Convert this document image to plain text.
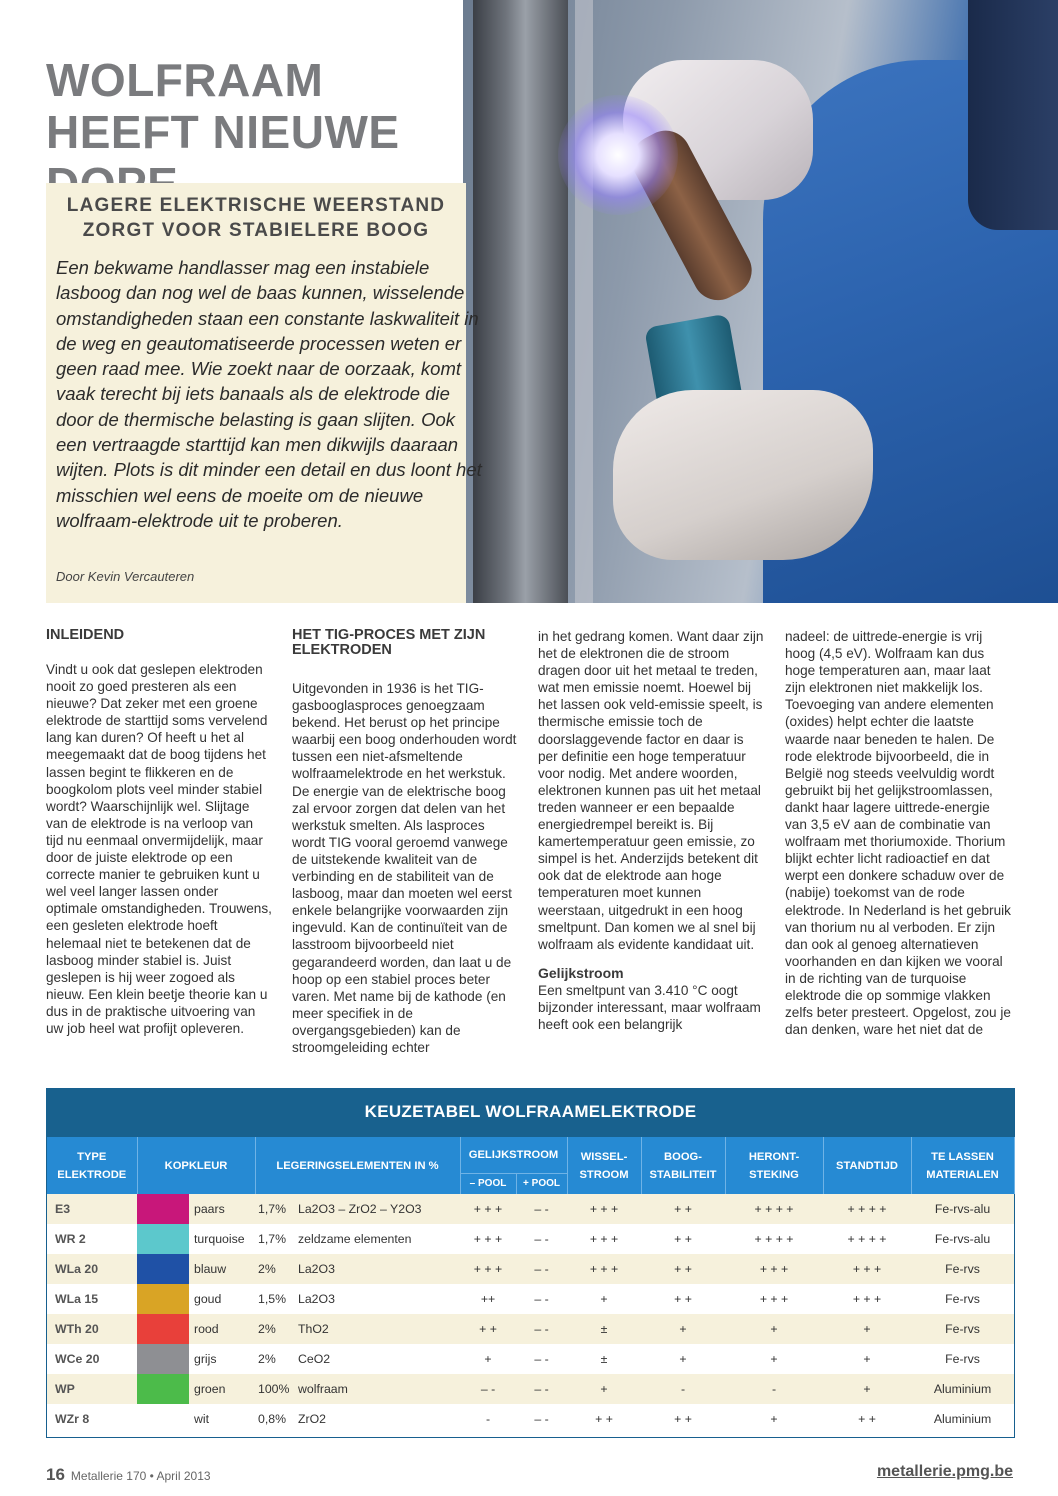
WOLFRAAM HEEFT NIEUWE
LAGERE ELEKTRISCHE WEERSTAND ZORGT VOOR STABIELERE BOOG
Een bekwame handlasser mag een instabiele lasboog dan nog wel de baas kunnen, wisselende omstandigheden staan een constante laskwaliteit in de weg en geautomatiseerde processen weten er geen raad mee. Wie zoekt naar de oorzaak, komt vaak terecht bij iets banaals als de elektrode die door de thermische belasting is gaan slijten. Ook een vertraagde starttijd kan men dikwijls daaraan wijten. Plots is dit minder een detail en dus loont het misschien wel eens de moeite om de nieuwe wolfraam-elektrode uit te proberen.
Door Kevin Vercauteren
INLEIDEND

Vindt u ook dat geslepen elektroden nooit zo goed presteren als een nieuwe? Dat zeker met een groene elektrode de starttijd soms vervelend lang kan duren? Of heeft u het al meegemaakt dat de boog tijdens het lassen begint te flikkeren en de boogkolom plots veel minder stabiel wordt? Waarschijnlijk wel. Slijtage van de elektrode is na verloop van tijd nu eenmaal onvermijdelijk, maar door de juiste elektrode op een correcte manier te gebruiken kunt u wel veel langer lassen onder optimale omstandigheden. Trouwens, een gesleten elektrode hoeft helemaal niet te betekenen dat de lasboog minder stabiel is. Juist geslepen is hij weer zogoed als nieuw. Een klein beetje theorie kan u dus in de praktische uitvoering van uw job heel wat profijt opleveren.

HET TIG-PROCES MET ZIJN ELEKTRODEN

Uitgevonden in 1936 is het TIG-gasbooglasproces genoegzaam bekend. Het berust op het principe waarbij een boog onderhouden wordt tussen een niet-afsmeltende wolfraamelektrode en het werkstuk. De energie van de elektrische boog zal ervoor zorgen dat delen van het werkstuk smelten. Als lasproces wordt TIG vooral geroemd vanwege de uitstekende kwaliteit van de verbinding en de stabiliteit van de lasboog, maar dan moeten wel eerst enkele belangrijke voorwaarden zijn ingevuld. Kan de continuïteit van de lasstroom bijvoorbeeld niet gegarandeerd worden, dan laat u de hoop op een stabiel proces beter varen. Met name bij de kathode (en meer specifiek in de overgangsgebieden) kan de stroomgeleiding echter

in het gedrang komen. Want daar zijn het de elektronen die de stroom dragen door uit het metaal te treden, wat men emissie noemt. Hoewel bij het lassen ook veld-emissie speelt, is thermische emissie toch de doorslaggevende factor en daar is per definitie een hoge temperatuur voor nodig. Met andere woorden, elektronen kunnen pas uit het metaal treden wanneer er een bepaalde energiedrempel bereikt is. Bij kamertemperatuur geen emissie, zo simpel is het. Anderzijds betekent dit ook dat de elektrode aan hoge temperaturen moet kunnen weerstaan, uitgedrukt in een hoog smeltpunt. Dan komen we al snel bij wolfraam als evidente kandidaat uit.

Gelijkstroom

Een smeltpunt van 3.410 °C oogt bijzonder interessant, maar wolfraam heeft ook een belangrijk

nadeel: de uittrede-energie is vrij hoog (4,5 eV). Wolfraam kan dus hoge temperaturen aan, maar laat zijn elektronen niet makkelijk los. Toevoeging van andere elementen (oxides) helpt echter die laatste waarde naar beneden te halen. De rode elektrode bijvoorbeeld, die in België nog steeds veelvuldig wordt gebruikt bij het gelijkstroomlassen, dankt haar lagere uittrede-energie van 3,5 eV aan de combinatie van wolfraam met thoriumoxide. Thorium blijkt echter licht radioactief en dat werpt een donkere schaduw over de (nabije) toekomst van de rode elektrode. In Nederland is het gebruik van thorium nu al verboden. Er zijn dan ook al genoeg alternatieven voorhanden en dan kijken we vooral in de richting van de turquoise elektrode die op sommige vlakken zelfs beter presteert. Opgelost, zou je dan denken, ware het niet dat de

KEUZETABEL WOLFRAAMELEKTRODE
TYPE ELEKTRODE	KOPKLEUR		LEGERINGSELEMENTEN IN %		GELIJKSTROOM		WISSEL-STROOM	BOOG-STABILITEIT	HERONT-STEKING	STANDTIJD	TE LASSEN MATERIALEN
					– POOL	+ POOL					
E3		paars	1,7%	La2O3 – ZrO2 – Y2O3	+ + +	– -	+ + +	+ +	+ + + +	+ + + +	Fe-rvs-alu
WR 2		turquoise	1,7%	zeldzame elementen	+ + +	– -	+ + +	+ +	+ + + +	+ + + +	Fe-rvs-alu
WLa 20		blauw	2%	La2O3	+ + +	– -	+ + +	+ +	+ + +	+ + +	Fe-rvs
WLa 15		goud	1,5%	La2O3	++	– -	+	+ +	+ + +	+ + +	Fe-rvs
WTh 20		rood	2%	ThO2	+ +	– -	±	+	+	+	Fe-rvs
WCe 20		grijs	2%	CeO2	+	– -	±	+	+	+	Fe-rvs
WP		groen	100%	wolfraam	– -	– -	+	-	-	+	Aluminium
WZr 8		wit	0,8%	ZrO2	-	– -	+ +	+ +	+	+ +	Aluminium
16 Metallerie 170 • April 2013	metallerie.pmg.be
